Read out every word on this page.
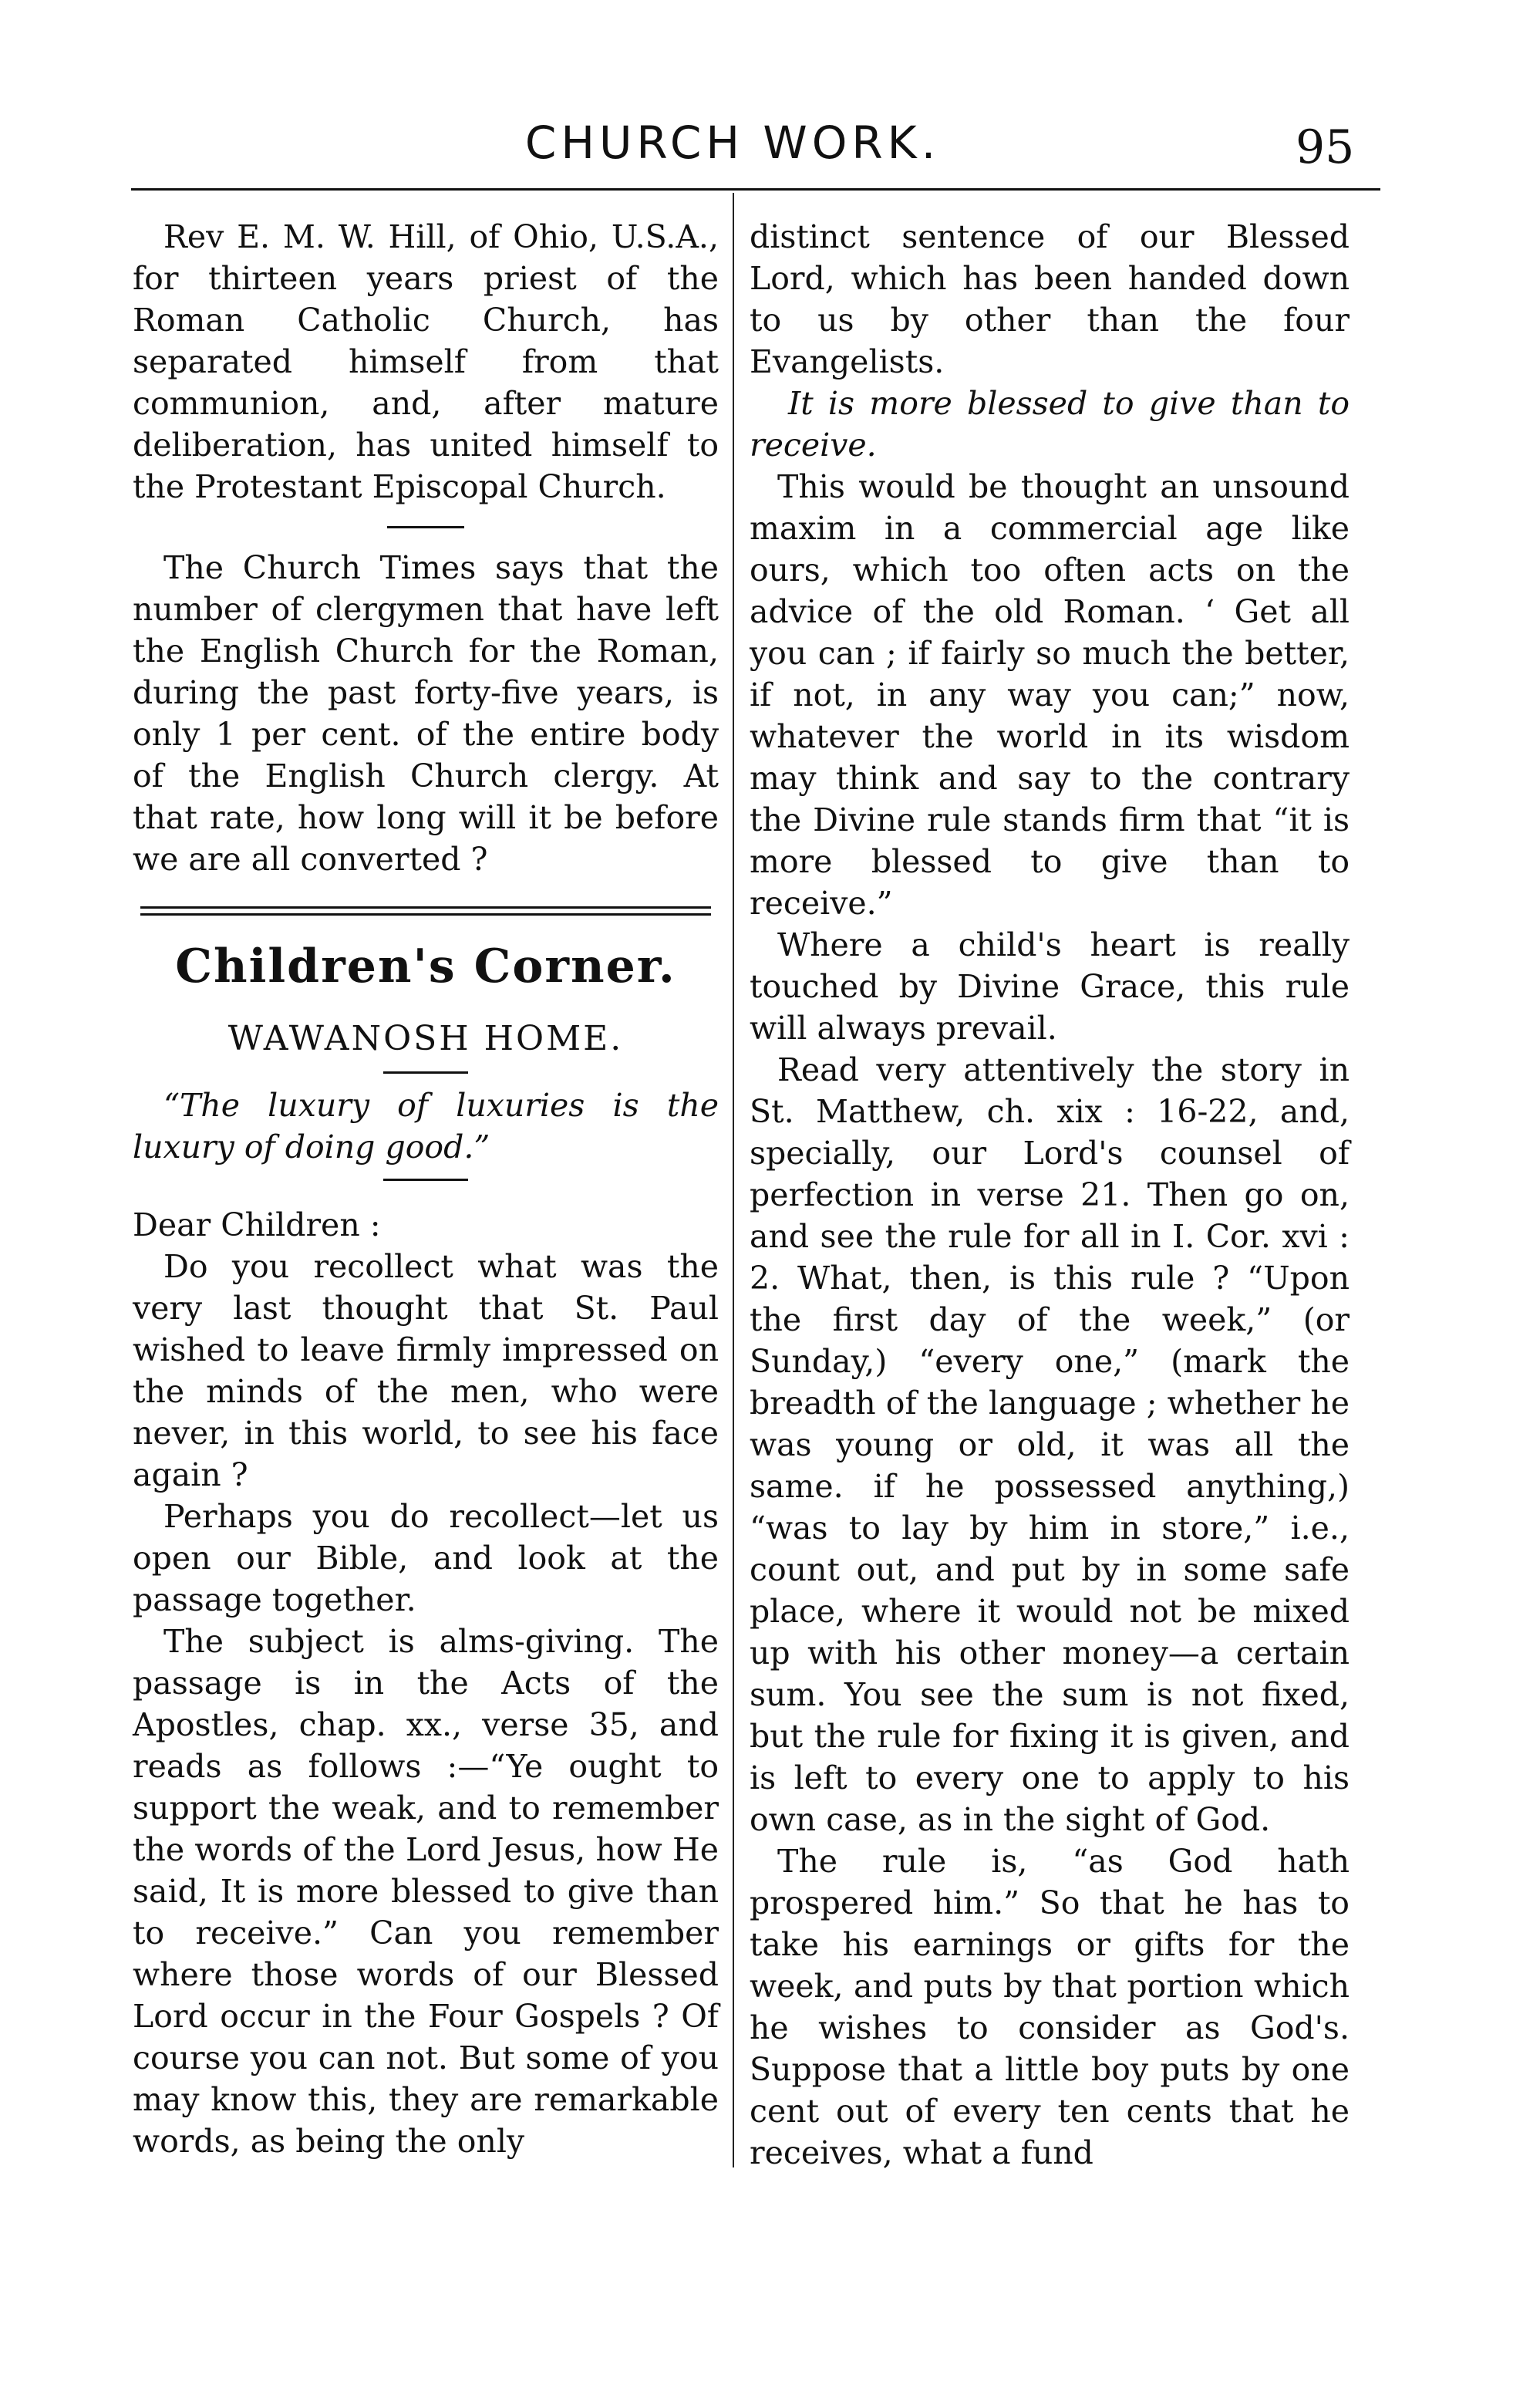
CHURCH WORK.	95

Rev E. M. W. Hill, of Ohio, U.S.A., for thirteen years priest of the Roman Catholic Church, has separated himself from that communion, and, after mature deliberation, has united himself to the Protestant Episcopal Church.

The Church Times says that the number of clergymen that have left the English Church for the Roman, during the past forty-five years, is only 1 per cent. of the entire body of the English Church clergy. At that rate, how long will it be before we are all converted ?

Children's Corner.
WAWANOSH HOME.

“The luxury of luxuries is the luxury of doing good.”

Dear Children :

Do you recollect what was the very last thought that St. Paul wished to leave firmly impressed on the minds of the men, who were never, in this world, to see his face again ?

Perhaps you do recollect—let us open our Bible, and look at the passage together.

The subject is alms-giving. The passage is in the Acts of the Apostles, chap. xx., verse 35, and reads as follows :—“Ye ought to support the weak, and to remember the words of the Lord Jesus, how He said, It is more blessed to give than to receive.” Can you remember where those words of our Blessed Lord occur in the Four Gospels ? Of course you can not. But some of you may know this, they are remarkable words, as being the only

distinct sentence of our Blessed Lord, which has been handed down to us by other than the four Evangelists.

It is more blessed to give than to receive.

This would be thought an unsound maxim in a commercial age like ours, which too often acts on the advice of the old Roman. ‘ Get all you can ; if fairly so much the better, if not, in any way you can;” now, whatever the world in its wisdom may think and say to the contrary the Divine rule stands firm that “it is more blessed to give than to receive.”

Where a child's heart is really touched by Divine Grace, this rule will always prevail.

Read very attentively the story in St. Matthew, ch. xix : 16-22, and, specially, our Lord's counsel of perfection in verse 21. Then go on, and see the rule for all in I. Cor. xvi : 2. What, then, is this rule ? “Upon the first day of the week,” (or Sunday,) “every one,” (mark the breadth of the language ; whether he was young or old, it was all the same. if he possessed anything,) “was to lay by him in store,” i.e., count out, and put by in some safe place, where it would not be mixed up with his other money—a certain sum. You see the sum is not fixed, but the rule for fixing it is given, and is left to every one to apply to his own case, as in the sight of God.

The rule is, “as God hath prospered him.” So that he has to take his earnings or gifts for the week, and puts by that portion which he wishes to consider as God's. Suppose that a little boy puts by one cent out of every ten cents that he receives, what a fund
